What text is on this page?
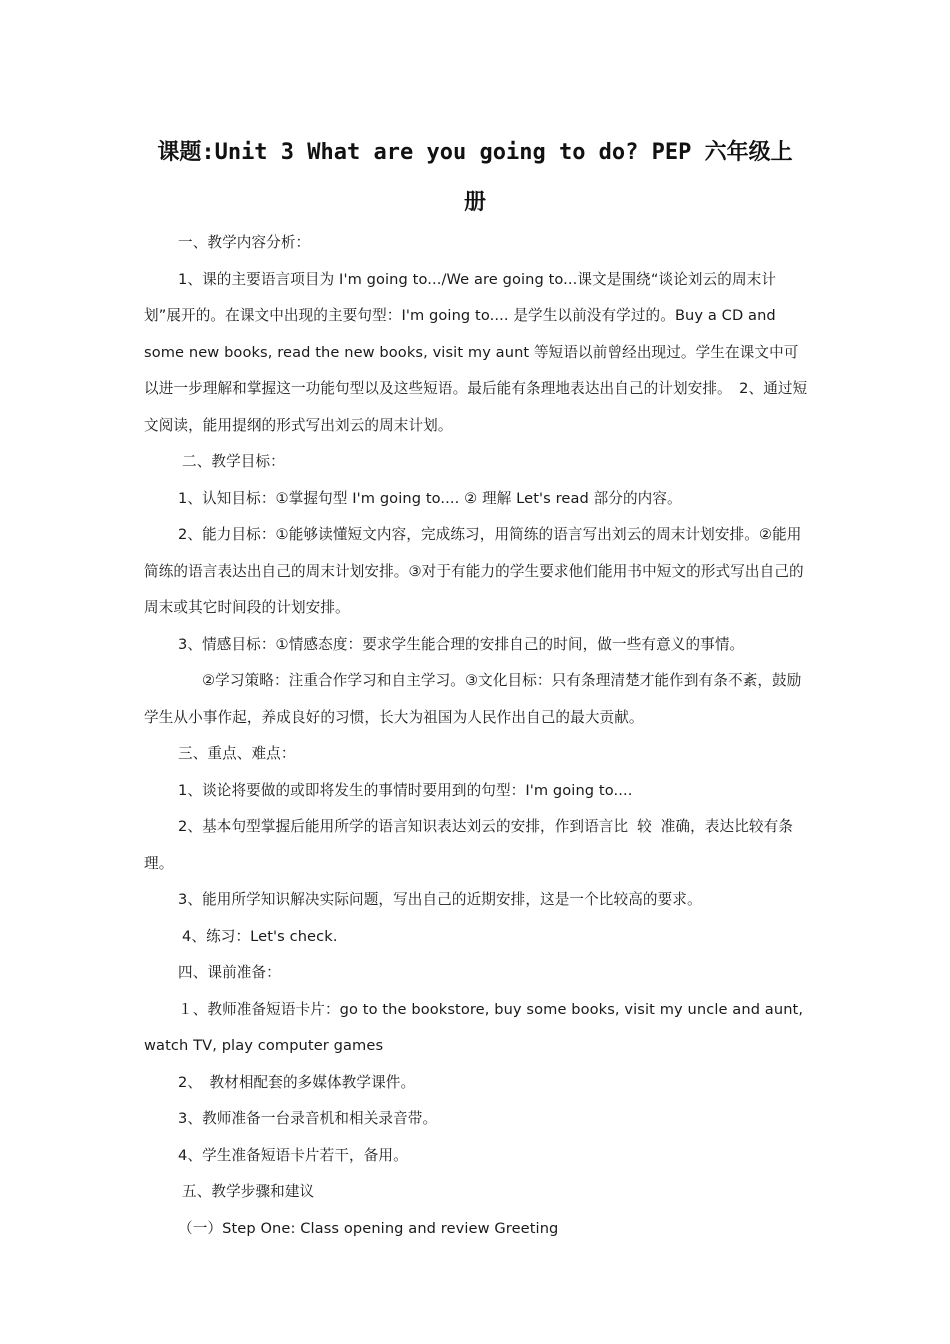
课题:Unit 3 What are you going to do? PEP 六年级上
册

一、教学内容分析：

1、课的主要语言项目为 I'm going to.../We are going to...课文是围绕“谈论刘云的周末计划”展开的。在课文中出现的主要句型：I'm going to.... 是学生以前没有学过的。Buy a CD and some new books, read the new books, visit my aunt 等短语以前曾经出现过。学生在课文中可以进一步理解和掌握这一功能句型以及这些短语。最后能有条理地表达出自己的计划安排。　2、通过短文阅读，能用提纲的形式写出刘云的周末计划。

二、教学目标：

1、认知目标：①掌握句型 I'm going to.... ② 理解 Let's read 部分的内容。

2、能力目标：①能够读懂短文内容，完成练习，用简练的语言写出刘云的周末计划安排。②能用简练的语言表达出自己的周末计划安排。③对于有能力的学生要求他们能用书中短文的形式写出自己的周末或其它时间段的计划安排。

3、情感目标：①情感态度：要求学生能合理的安排自己的时间，做一些有意义的事情。

②学习策略：注重合作学习和自主学习。③文化目标：只有条理清楚才能作到有条不紊，鼓励学生从小事作起，养成良好的习惯，长大为祖国为人民作出自己的最大贡献。

三、重点、难点：

1、谈论将要做的或即将发生的事情时要用到的句型：I'm going to....

2、基本句型掌握后能用所学的语言知识表达刘云的安排，作到语言比较准确，表达比较有条理。

3、能用所学知识解决实际问题，写出自己的近期安排，这是一个比较高的要求。

4、练习：Let's check.

四、课前准备：

１、教师准备短语卡片：go to the bookstore, buy some books, visit my uncle and aunt, watch TV, play computer games

2、　教材相配套的多媒体教学课件。

3、教师准备一台录音机和相关录音带。

4、学生准备短语卡片若干，备用。

五、教学步骤和建议

（一）Step One: Class opening and review Greeting
